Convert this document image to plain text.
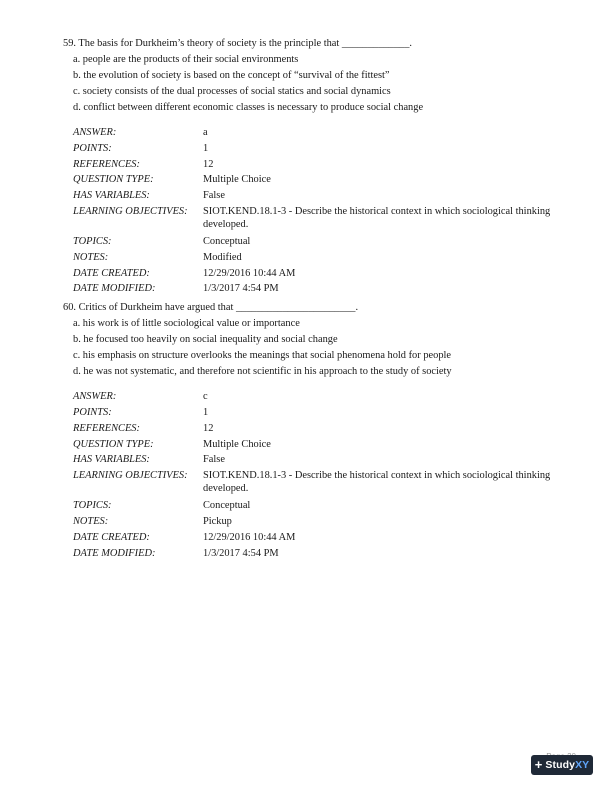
59. The basis for Durkheim’s theory of society is the principle that _____________.
a. people are the products of their social environments
b. the evolution of society is based on the concept of “survival of the fittest”
c. society consists of the dual processes of social statics and social dynamics
d. conflict between different economic classes is necessary to produce social change
ANSWER:	a
POINTS:	1
REFERENCES:	12
QUESTION TYPE:	Multiple Choice
HAS VARIABLES:	False
LEARNING OBJECTIVES:	SIOT.KEND.18.1-3 - Describe the historical context in which sociological thinking developed.
TOPICS:	Conceptual
NOTES:	Modified
DATE CREATED:	12/29/2016 10:44 AM
DATE MODIFIED:	1/3/2017 4:54 PM
60. Critics of Durkheim have argued that _______________________.
a. his work is of little sociological value or importance
b. he focused too heavily on social inequality and social change
c. his emphasis on structure overlooks the meanings that social phenomena hold for people
d. he was not systematic, and therefore not scientific in his approach to the study of society
ANSWER:	c
POINTS:	1
REFERENCES:	12
QUESTION TYPE:	Multiple Choice
HAS VARIABLES:	False
LEARNING OBJECTIVES:	SIOT.KEND.18.1-3 - Describe the historical context in which sociological thinking developed.
TOPICS:	Conceptual
NOTES:	Pickup
DATE CREATED:	12/29/2016 10:44 AM
DATE MODIFIED:	1/3/2017 4:54 PM
+ Study XY
